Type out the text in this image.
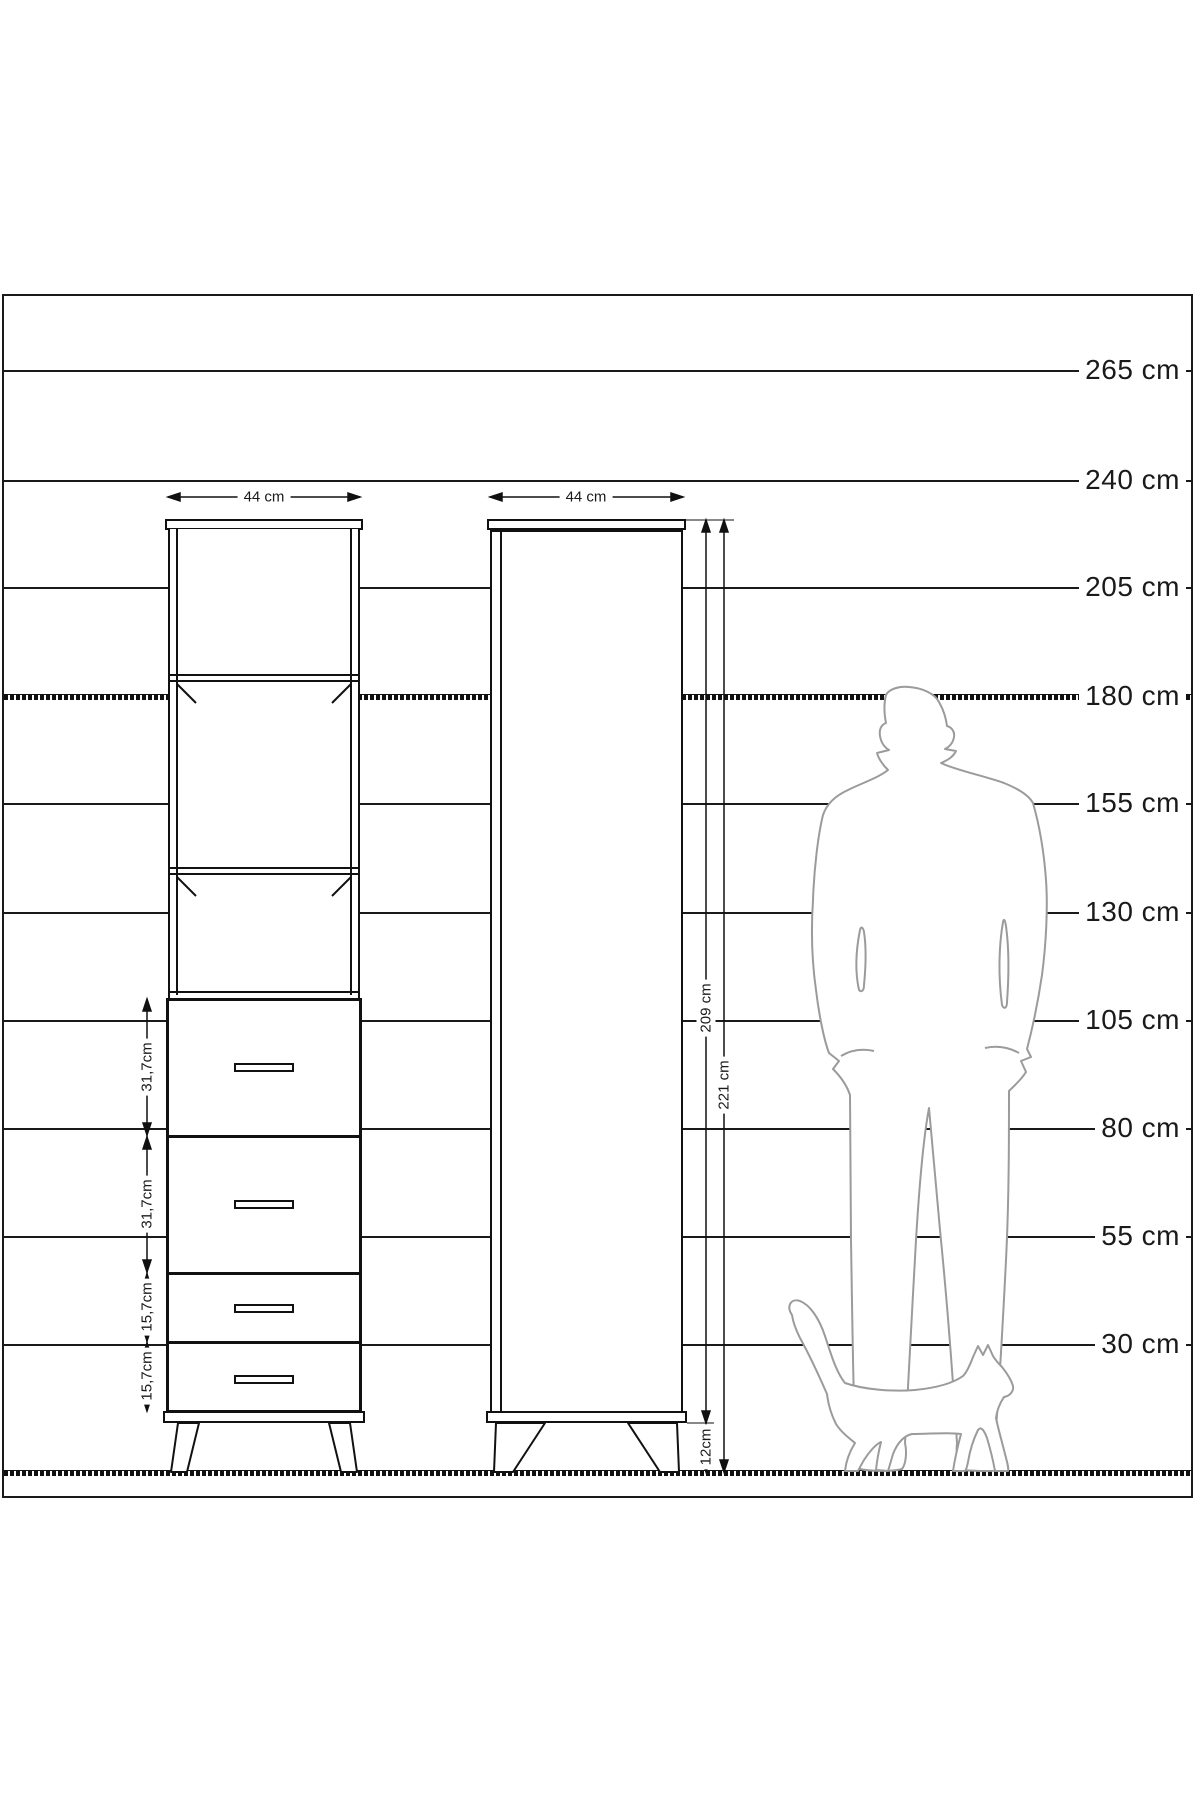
265 cm
240 cm
205 cm
180 cm
155 cm
130 cm
105 cm
80 cm
55 cm
30 cm
44 cm	44 cm
31,7cm
31,7cm
15,7cm
15,7cm
209 cm
221 cm
12cm
